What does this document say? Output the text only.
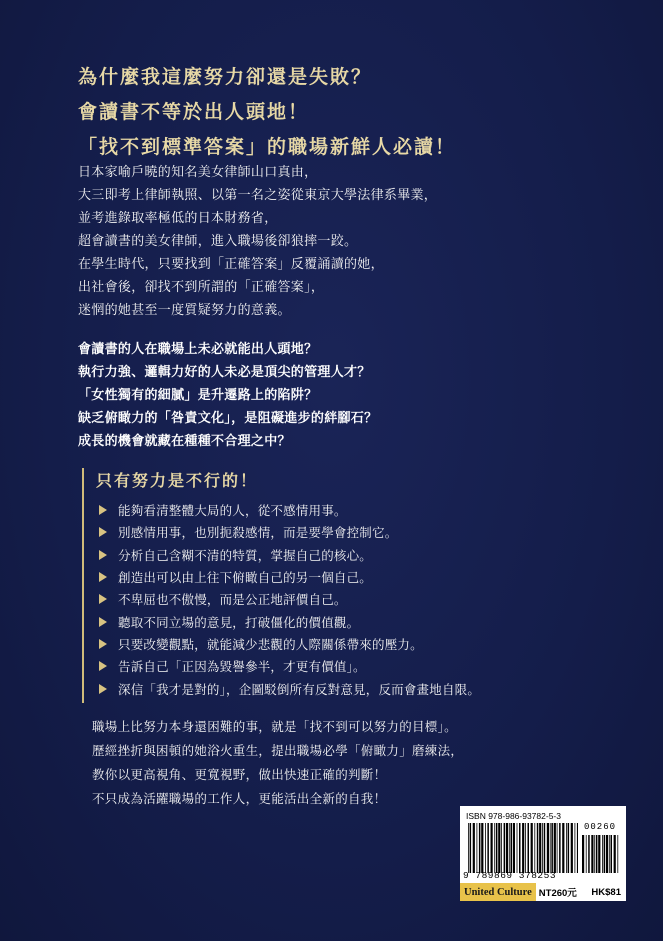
為什麼我這麼努力卻還是失敗？
會讀書不等於出人頭地！
「找不到標準答案」的職場新鮮人必讀！
日本家喻戶曉的知名美女律師山口真由，
大三即考上律師執照、以第一名之姿從東京大學法律系畢業，
並考進錄取率極低的日本財務省，
超會讀書的美女律師，進入職場後卻狼摔一跤。
在學生時代，只要找到「正確答案」反覆誦讀的她，
出社會後，卻找不到所謂的「正確答案」，
迷惘的她甚至一度質疑努力的意義。
會讀書的人在職場上未必就能出人頭地？
執行力強、邏輯力好的人未必是頂尖的管理人才？
「女性獨有的細膩」是升遷路上的陷阱？
缺乏俯瞰力的「咎責文化」，是阻礙進步的絆腳石？
成長的機會就藏在種種不合理之中？
只有努力是不行的！
能夠看清整體大局的人，從不感情用事。
別感情用事，也別扼殺感情，而是要學會控制它。
分析自己含糊不清的特質，掌握自己的核心。
創造出可以由上往下俯瞰自己的另一個自己。
不卑屈也不傲慢，而是公正地評價自己。
聽取不同立場的意見，打破僵化的價值觀。
只要改變觀點，就能減少悲觀的人際關係帶來的壓力。
告訴自己「正因為毀譽參半，才更有價值」。
深信「我才是對的」，企圖駁倒所有反對意見，反而會畫地自限。
職場上比努力本身還困難的事，就是「找不到可以努力的目標」。
歷經挫折與困頓的她浴火重生，提出職場必學「俯瞰力」磨練法，
教你以更高視角、更寬視野，做出快速正確的判斷！
不只成為活躍職場的工作人，更能活出全新的自我！
ISBN 978-986-93782-5-3
00260
9 789869 378253
United Culture NT260元	HK$81
